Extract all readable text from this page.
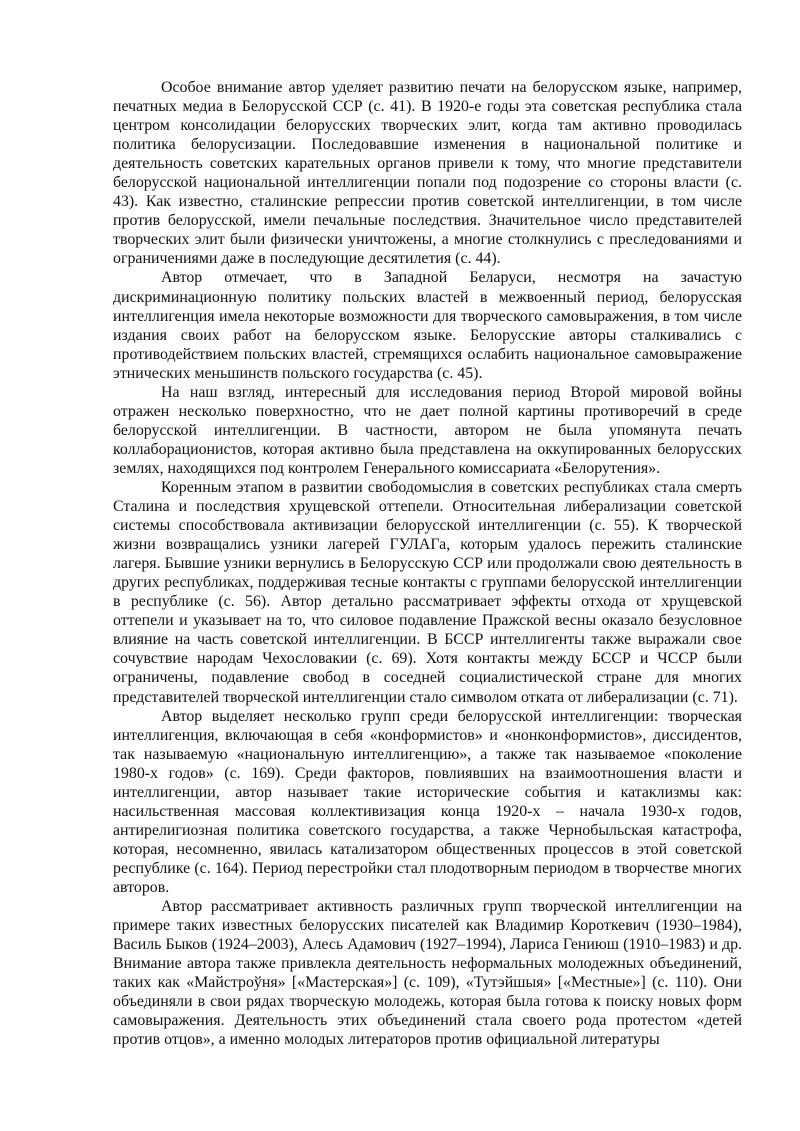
Особое внимание автор уделяет развитию печати на белорусском языке, например, печатных медиа в Белорусской ССР (с. 41). В 1920-е годы эта советская республика стала центром консолидации белорусских творческих элит, когда там активно проводилась политика белорусизации. Последовавшие изменения в национальной политике и деятельность советских карательных органов привели к тому, что многие представители белорусской национальной интеллигенции попали под подозрение со стороны власти (с. 43). Как известно, сталинские репрессии против советской интеллигенции, в том числе против белорусской, имели печальные последствия. Значительное число представителей творческих элит были физически уничтожены, а многие столкнулись с преследованиями и ограничениями даже в последующие десятилетия (с. 44).

Автор отмечает, что в Западной Беларуси, несмотря на зачастую дискриминационную политику польских властей в межвоенный период, белорусская интеллигенция имела некоторые возможности для творческого самовыражения, в том числе издания своих работ на белорусском языке. Белорусские авторы сталкивались с противодействием польских властей, стремящихся ослабить национальное самовыражение этнических меньшинств польского государства (с. 45).

На наш взгляд, интересный для исследования период Второй мировой войны отражен несколько поверхностно, что не дает полной картины противоречий в среде белорусской интеллигенции. В частности, автором не была упомянута печать коллаборационистов, которая активно была представлена на оккупированных белорусских землях, находящихся под контролем Генерального комиссариата «Белорутения».

Коренным этапом в развитии свободомыслия в советских республиках стала смерть Сталина и последствия хрущевской оттепели. Относительная либерализации советской системы способствовала активизации белорусской интеллигенции (с. 55). К творческой жизни возвращались узники лагерей ГУЛАГа, которым удалось пережить сталинские лагеря. Бывшие узники вернулись в Белорусскую ССР или продолжали свою деятельность в других республиках, поддерживая тесные контакты с группами белорусской интеллигенции в республике (с. 56). Автор детально рассматривает эффекты отхода от хрущевской оттепели и указывает на то, что силовое подавление Пражской весны оказало безусловное влияние на часть советской интеллигенции. В БССР интеллигенты также выражали свое сочувствие народам Чехословакии (с. 69). Хотя контакты между БССР и ЧССР были ограничены, подавление свобод в соседней социалистической стране для многих представителей творческой интеллигенции стало символом отката от либерализации (с. 71).

Автор выделяет несколько групп среди белорусской интеллигенции: творческая интеллигенция, включающая в себя «конформистов» и «нонконформистов», диссидентов, так называемую «национальную интеллигенцию», а также так называемое «поколение 1980-х годов» (с. 169). Среди факторов, повлиявших на взаимоотношения власти и интеллигенции, автор называет такие исторические события и катаклизмы как: насильственная массовая коллективизация конца 1920-х – начала 1930-х годов, антирелигиозная политика советского государства, а также Чернобыльская катастрофа, которая, несомненно, явилась катализатором общественных процессов в этой советской республике (с. 164). Период перестройки стал плодотворным периодом в творчестве многих авторов.

Автор рассматривает активность различных групп творческой интеллигенции на примере таких известных белорусских писателей как Владимир Короткевич (1930–1984), Василь Быков (1924–2003), Алесь Адамович (1927–1994), Лариса Гениюш (1910–1983) и др. Внимание автора также привлекла деятельность неформальных молодежных объединений, таких как «Майстроўня» [«Мастерская»] (с. 109), «Тутэйшыя» [«Местные»] (с. 110). Они объединяли в свои рядах творческую молодежь, которая была готова к поиску новых форм самовыражения. Деятельность этих объединений стала своего рода протестом «детей против отцов», а именно молодых литераторов против официальной литературы
